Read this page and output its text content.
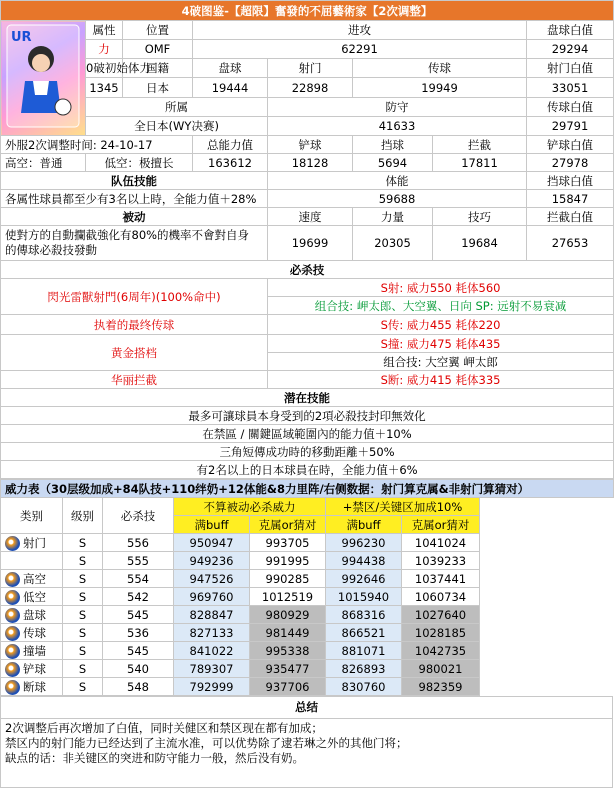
4破图鉴-【超限】奮發的不屈藝術家【2次调整】							

UR	属性	位置	进攻				盘球白值
	力	OMF	62291				29294
	0破初始体力	国籍	盘球	射门	传球		射门白值
	1345	日本	19444	22898	19949		33051
	所属			防守			传球白值
	全日本(WY决赛)			41633			29791
外服2次调整时间: 24-10-17			总能力值	铲球	挡球	拦截	铲球白值
高空：普通	低空：极擅长		163612	18128	5694	17811	27978
队伍技能				体能			挡球白值
各属性球員都至少有3名以上時，全能力值＋28%				59688			15847
被动				速度	力量	技巧	拦截白值
使對方的自動攔截強化有80%的機率不會對自身
的傳球必殺技發動				19699	20305	19684	27653
必杀技							
閃光雷獸射門(6周年)(100%命中)				S射: 威力550 耗体560			
				组合技: 岬太郎、大空翼、日向 SP: 远射不易衰减			
执着的最终传球				S传: 威力455 耗体220			
黄金搭档				S撞: 威力475 耗体435			
				组合技: 大空翼 岬太郎			
华丽拦截				S断: 威力415 耗体335			
潜在技能							
最多可讓球員本身受到的2項必殺技封印無效化							
在禁區 / 關鍵區域範圍內的能力值＋10%							
三角短傳成功時的移動距離＋50%							
有2名以上的日本球員在時，全能力值＋6%							
威力表（30层级加成+84队技+110绊奶+12体能&8力里阵/右侧数据：射门算克属&非射门算猜对）							
类别	级别	必杀技	不算被动必杀威力		+禁区/关键区加成10%		
			满buff	克属or猜对	满buff	克属or猜对	
射门	S	556	950947	993705	996230	1041024	
	S	555	949236	991995	994438	1039233	
高空	S	554	947526	990285	992646	1037441	
低空	S	542	969760	1012519	1015940	1060734	
盘球	S	545	828847	980929	868316	1027640	
传球	S	536	827133	981449	866521	1028185	
撞墙	S	545	841022	995338	881071	1042735	
铲球	S	540	789307	935477	826893	980021	
断球	S	548	792999	937706	830760	982359	
总结

2次调整后再次增加了白值，同时关健区和禁区现在都有加成；
禁区内的射门能力已经达到了主流水准，可以优势除了逮若琳之外的其他门将；
缺点的话：非关键区的突进和防守能力一般，然后没有奶。
